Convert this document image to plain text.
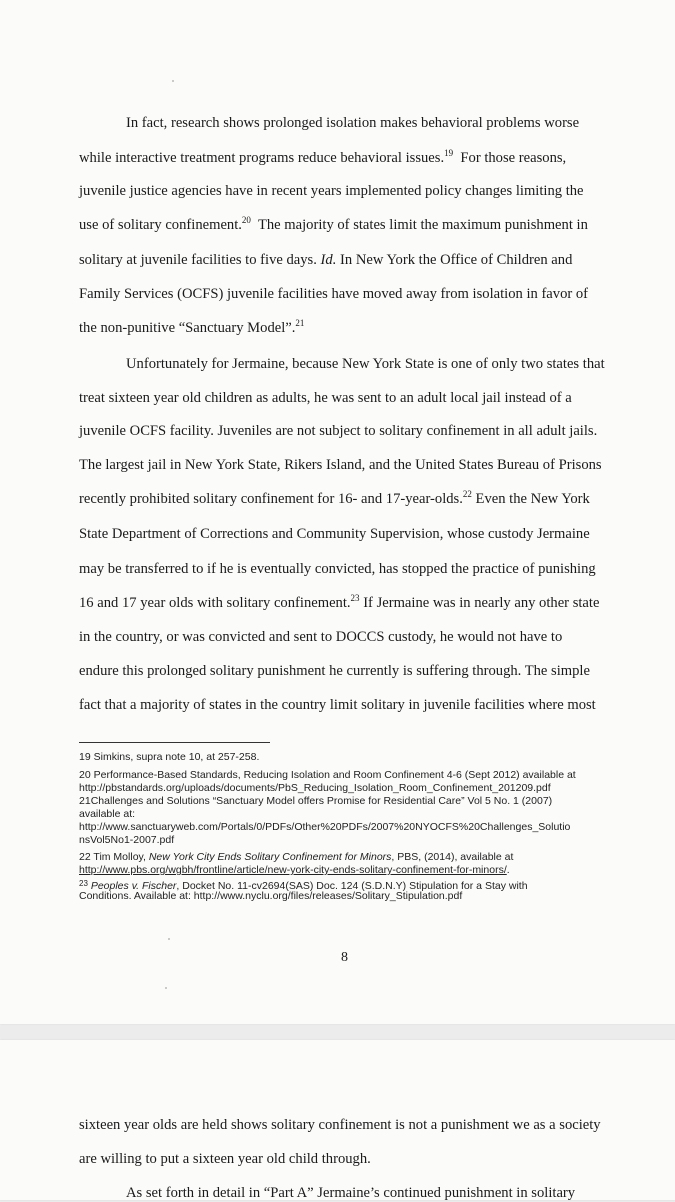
In fact, research shows prolonged isolation makes behavioral problems worse
while interactive treatment programs reduce behavioral issues.$^{19}$  For those reasons,
juvenile justice agencies have in recent years implemented policy changes limiting the
use of solitary confinement.$^{20}$  The majority of states limit the maximum punishment in
solitary at juvenile facilities to five days. Id. In New York the Office of Children and
Family Services (OCFS) juvenile facilities have moved away from isolation in favor of
the non-punitive “Sanctuary Model”.$^{21}$
Unfortunately for Jermaine, because New York State is one of only two states that
treat sixteen year old children as adults, he was sent to an adult local jail instead of a
juvenile OCFS facility. Juveniles are not subject to solitary confinement in all adult jails.
The largest jail in New York State, Rikers Island, and the United States Bureau of Prisons
recently prohibited solitary confinement for 16- and 17-year-olds.$^{22}$ Even the New York
State Department of Corrections and Community Supervision, whose custody Jermaine
may be transferred to if he is eventually convicted, has stopped the practice of punishing
16 and 17 year olds with solitary confinement.$^{23}$ If Jermaine was in nearly any other state
in the country, or was convicted and sent to DOCCS custody, he would not have to
endure this prolonged solitary punishment he currently is suffering through. The simple
fact that a majority of states in the country limit solitary in juvenile facilities where most
19 Simkins, supra note 10, at 257-258.
20 Performance-Based Standards, Reducing Isolation and Room Confinement 4-6 (Sept 2012) available at
http://pbstandards.org/uploads/documents/PbS_Reducing_Isolation_Room_Confinement_201209.pdf
21Challenges and Solutions “Sanctuary Model offers Promise for Residential Care” Vol 5 No. 1 (2007)
available at:
http://www.sanctuaryweb.com/Portals/0/PDFs/Other%20PDFs/2007%20NYOCFS%20Challenges_Solutio
nsVol5No1-2007.pdf
22 Tim Molloy, New York City Ends Solitary Confinement for Minors, PBS, (2014), available at
http://www.pbs.org/wgbh/frontline/article/new-york-city-ends-solitary-confinement-for-minors/.
$^{23}$ Peoples v. Fischer, Docket No. 11-cv2694(SAS) Doc. 124 (S.D.N.Y) Stipulation for a Stay with
Conditions. Available at: http://www.nyclu.org/files/releases/Solitary_Stipulation.pdf
8
sixteen year olds are held shows solitary confinement is not a punishment we as a society
are willing to put a sixteen year old child through.
As set forth in detail in “Part A” Jermaine’s continued punishment in solitary
